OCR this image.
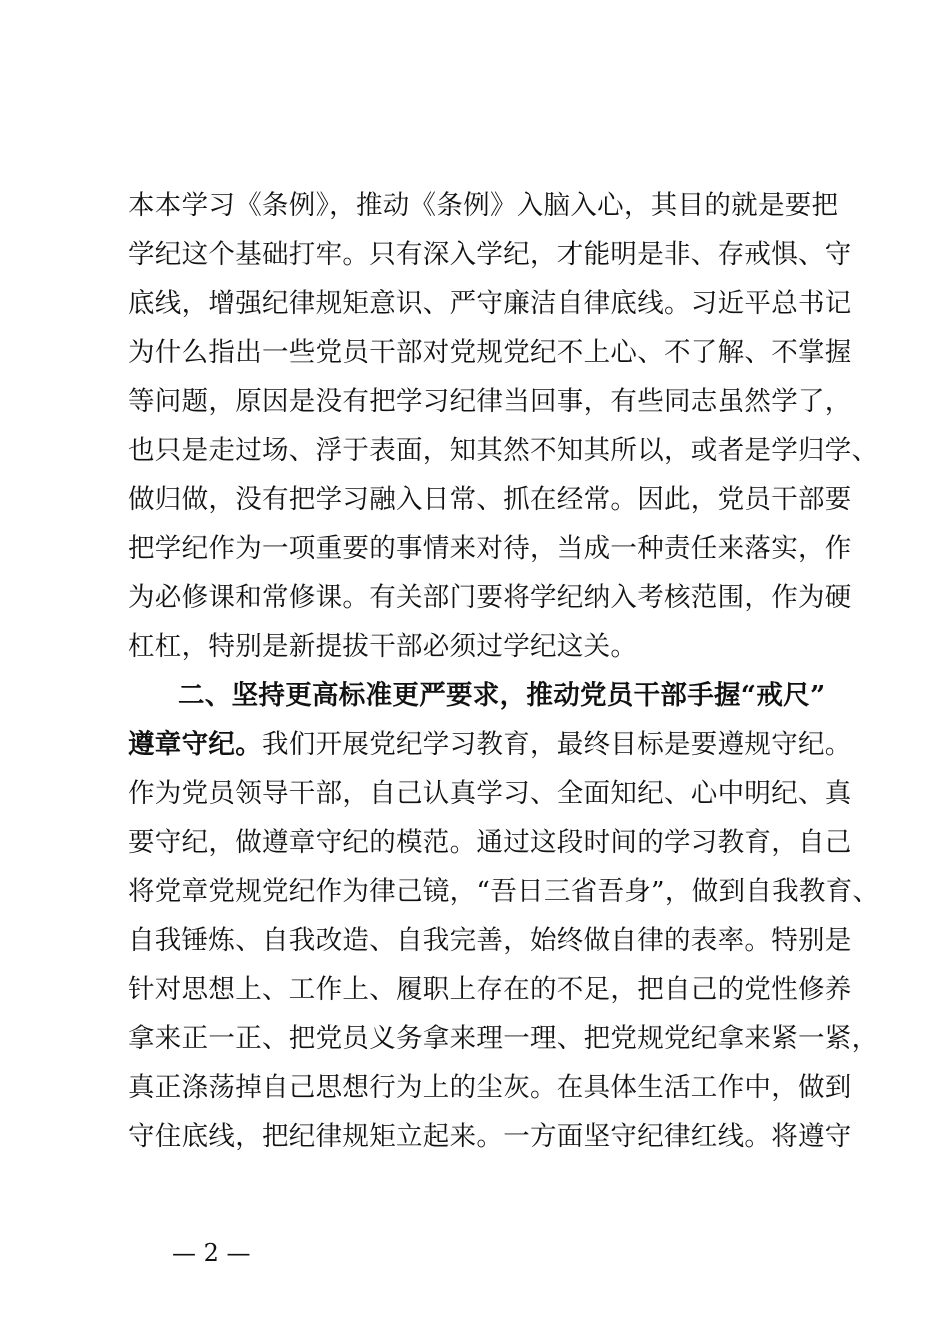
本本学习《条例》，推动《条例》入脑入心，其目的就是要把
学纪这个基础打牢。只有深入学纪，才能明是非、存戒惧、守
底线，增强纪律规矩意识、严守廉洁自律底线。习近平总书记
为什么指出一些党员干部对党规党纪不上心、不了解、不掌握
等问题，原因是没有把学习纪律当回事，有些同志虽然学了，
也只是走过场、浮于表面，知其然不知其所以，或者是学归学、
做归做，没有把学习融入日常、抓在经常。因此，党员干部要
把学纪作为一项重要的事情来对待，当成一种责任来落实，作
为必修课和常修课。有关部门要将学纪纳入考核范围，作为硬
杠杠，特别是新提拔干部必须过学纪这关。
二、坚持更高标准更严要求，推动党员干部手握“戒尺”
遵章守纪。我们开展党纪学习教育，最终目标是要遵规守纪。
作为党员领导干部，自己认真学习、全面知纪、心中明纪、真
要守纪，做遵章守纪的模范。通过这段时间的学习教育，自己
将党章党规党纪作为律己镜，“吾日三省吾身”，做到自我教育、
自我锤炼、自我改造、自我完善，始终做自律的表率。特别是
针对思想上、工作上、履职上存在的不足，把自己的党性修养
拿来正一正、把党员义务拿来理一理、把党规党纪拿来紧一紧，
真正涤荡掉自己思想行为上的尘灰。在具体生活工作中，做到
守住底线，把纪律规矩立起来。一方面坚守纪律红线。将遵守
— 2 —
